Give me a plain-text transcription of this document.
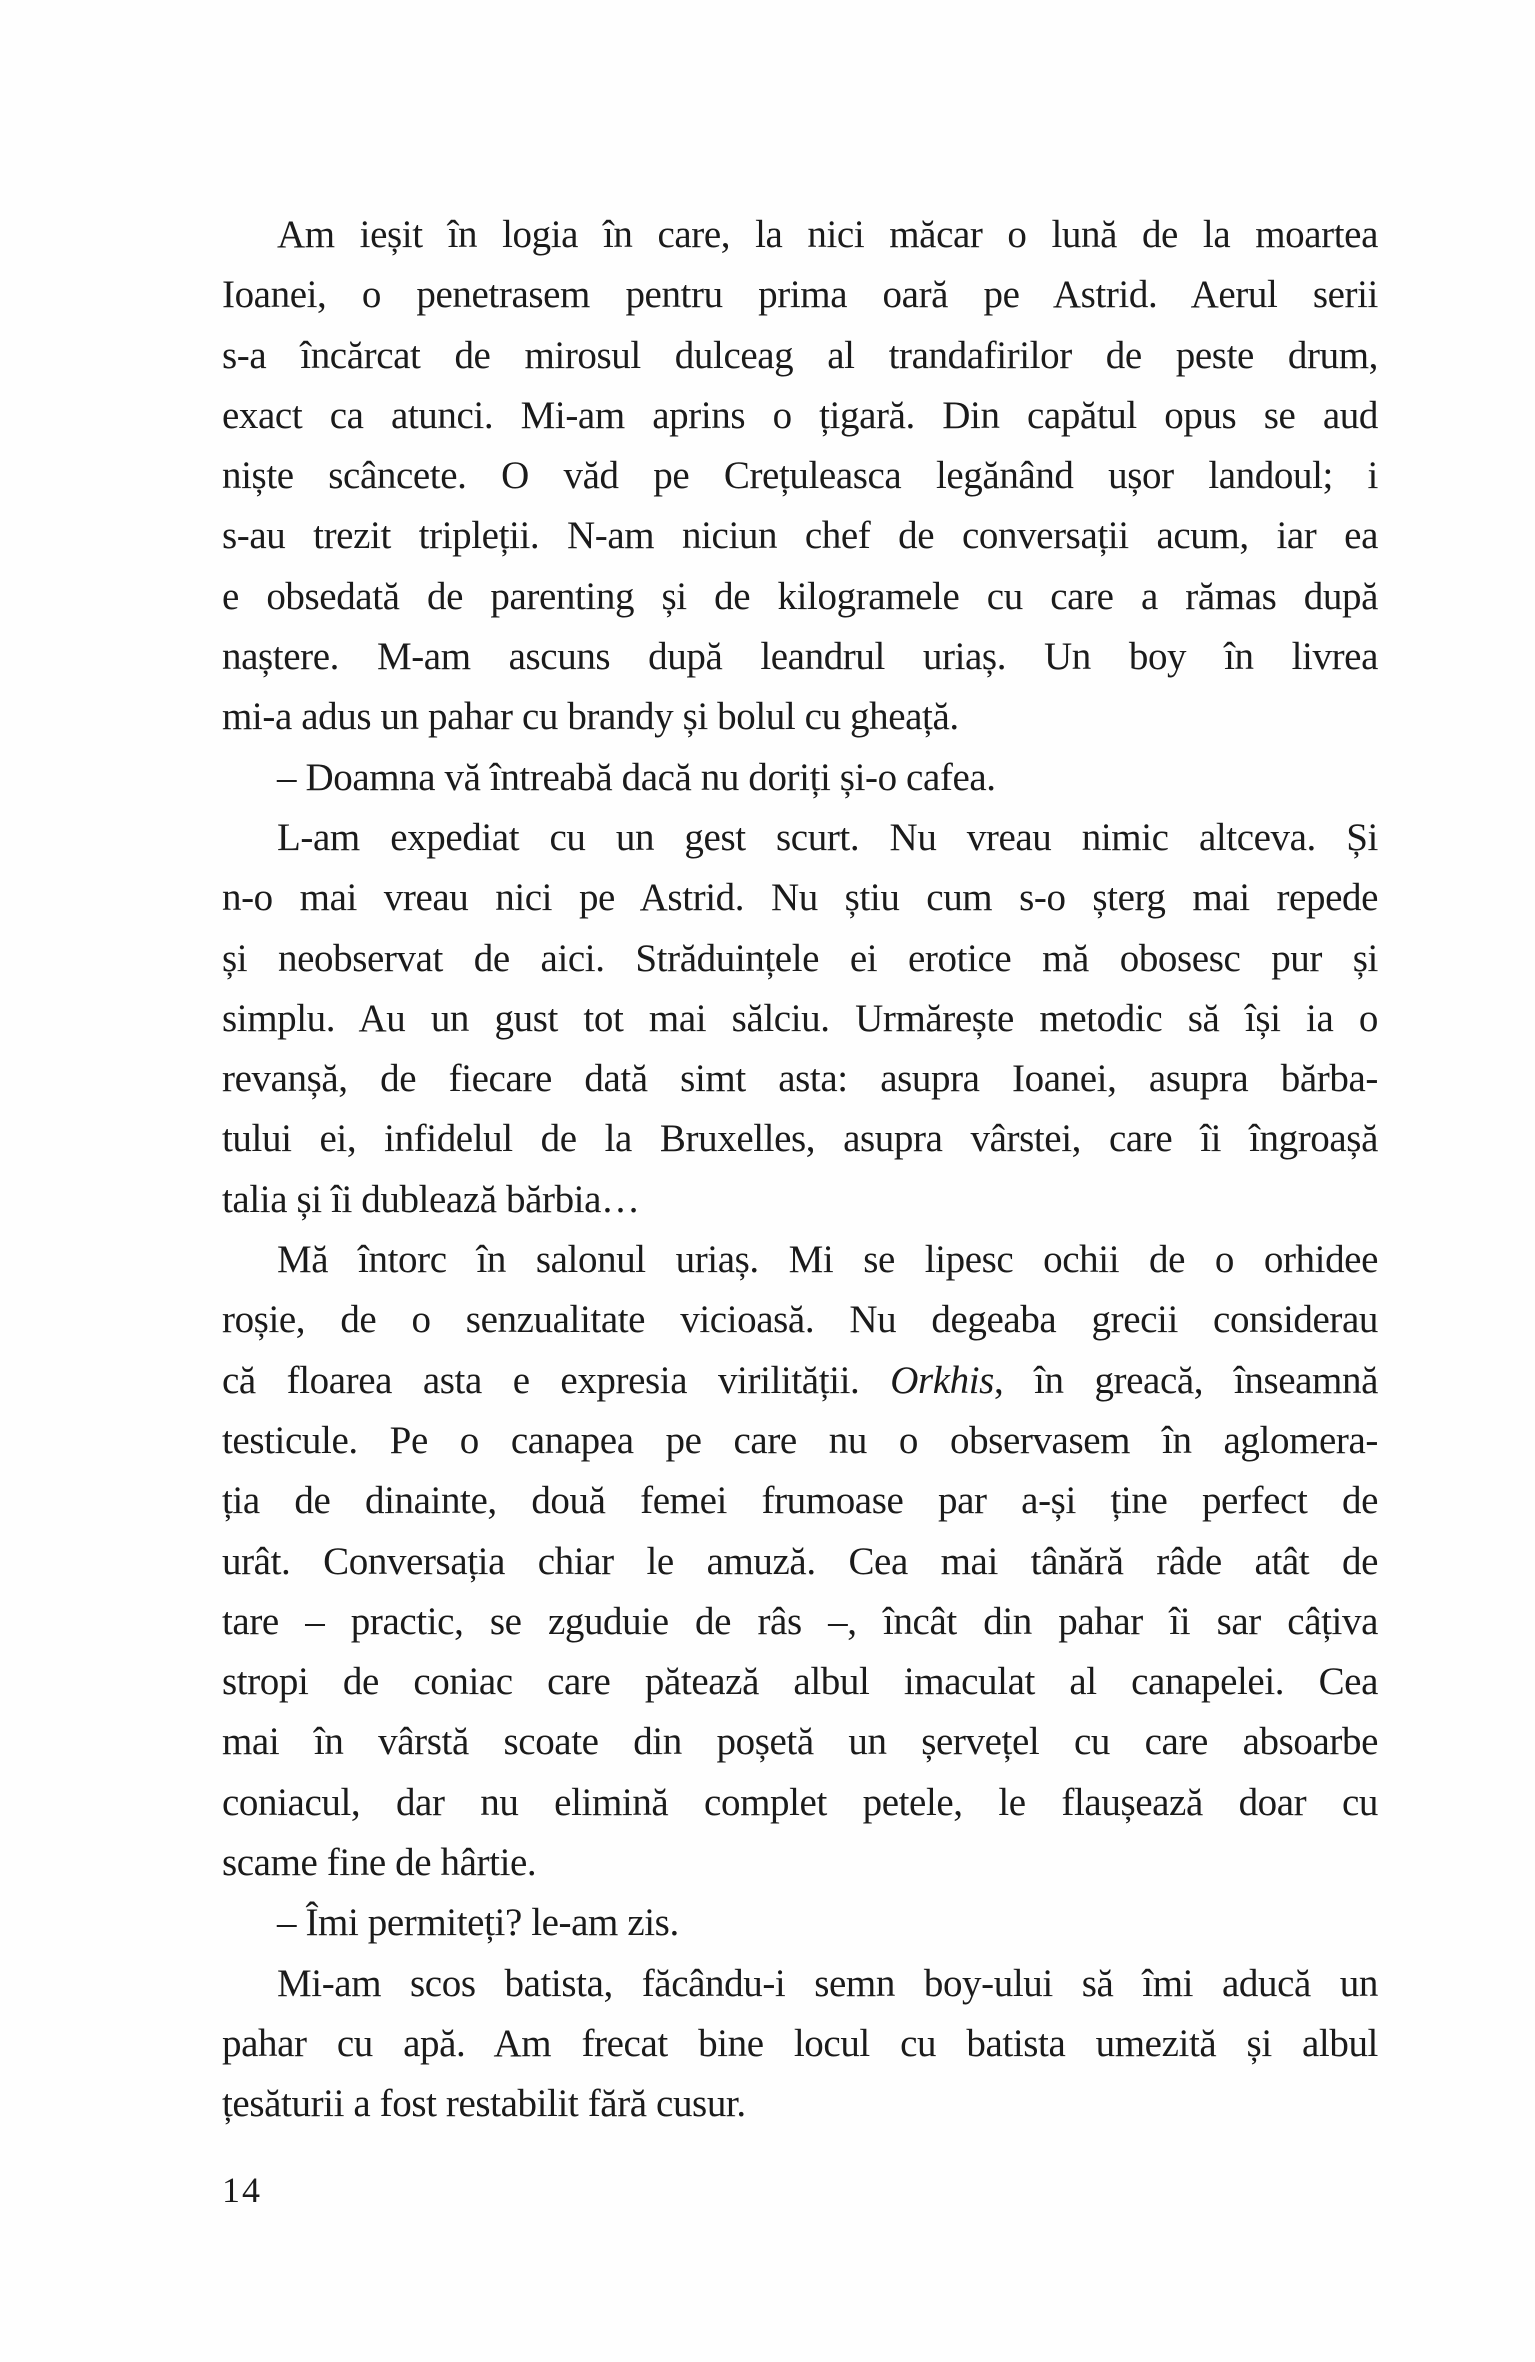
Am ieșit în logia în care, la nici măcar o lună de la moartea
Ioanei, o penetrasem pentru prima oară pe Astrid. Aerul serii
s-a încărcat de mirosul dulceag al trandafirilor de peste drum,
exact ca atunci. Mi-am aprins o țigară. Din capătul opus se aud
niște scâncete. O văd pe Crețuleasca legănând ușor landoul; i
s-au trezit tripleții. N-am niciun chef de conversații acum, iar ea
e obsedată de parenting și de kilogramele cu care a rămas după
naștere. M-am ascuns după leandrul uriaș. Un boy în livrea
mi-a adus un pahar cu brandy și bolul cu gheață.
– Doamna vă întreabă dacă nu doriți și-o cafea.
L-am expediat cu un gest scurt. Nu vreau nimic altceva. Și
n-o mai vreau nici pe Astrid. Nu știu cum s-o șterg mai repede
și neobservat de aici. Străduințele ei erotice mă obosesc pur și
simplu. Au un gust tot mai sălciu. Urmărește metodic să își ia o
revanșă, de fiecare dată simt asta: asupra Ioanei, asupra bărba-
tului ei, infidelul de la Bruxelles, asupra vârstei, care îi îngroașă
talia și îi dublează bărbia…
Mă întorc în salonul uriaș. Mi se lipesc ochii de o orhidee
roșie, de o senzualitate vicioasă. Nu degeaba grecii considerau
că floarea asta e expresia virilității. Orkhis, în greacă, înseamnă
testicule. Pe o canapea pe care nu o observasem în aglomera-
ția de dinainte, două femei frumoase par a-și ține perfect de
urât. Conversația chiar le amuză. Cea mai tânără râde atât de
tare – practic, se zguduie de râs –, încât din pahar îi sar câțiva
stropi de coniac care pătează albul imaculat al canapelei. Cea
mai în vârstă scoate din poșetă un șervețel cu care absoarbe
coniacul, dar nu elimină complet petele, le flaușează doar cu
scame fine de hârtie.
– Îmi permiteți? le-am zis.
Mi-am scos batista, făcându-i semn boy-ului să îmi aducă un
pahar cu apă. Am frecat bine locul cu batista umezită și albul
țesăturii a fost restabilit fără cusur.
14
